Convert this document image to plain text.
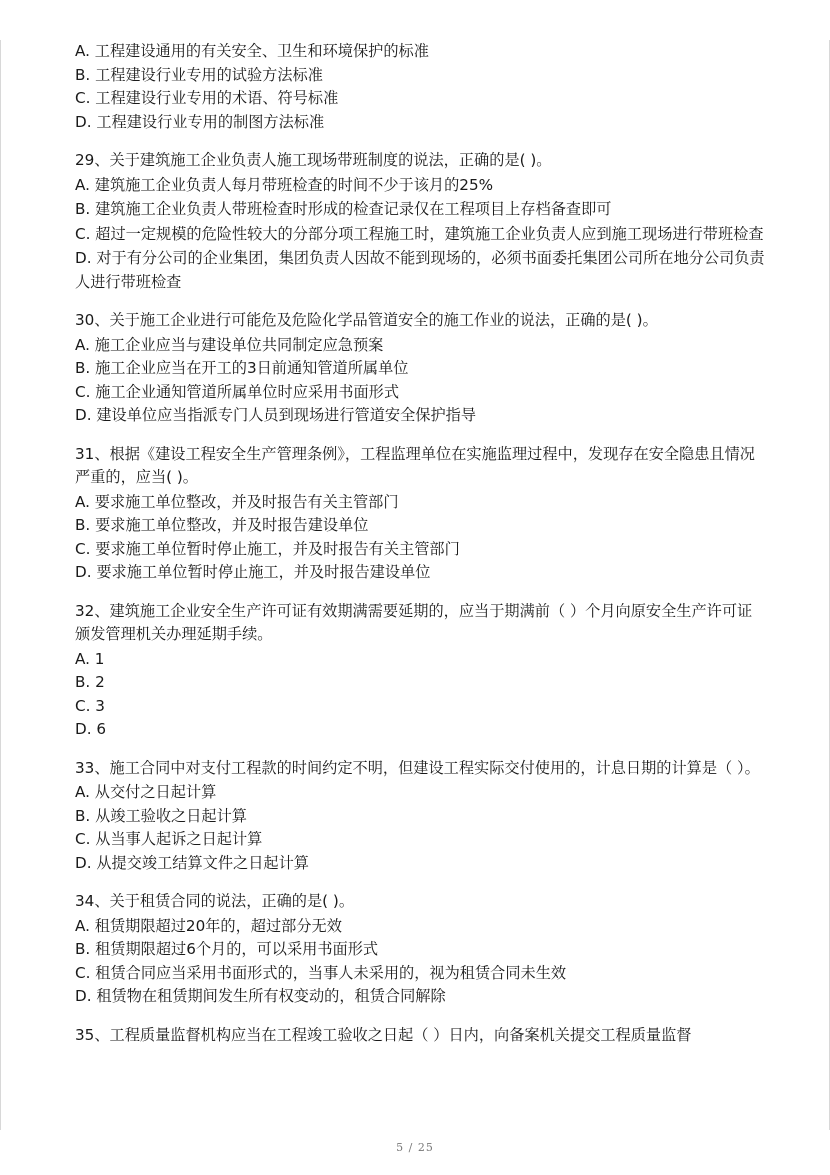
A. 工程建设通用的有关安全、卫生和环境保护的标准
B. 工程建设行业专用的试验方法标准
C. 工程建设行业专用的术语、符号标准
D. 工程建设行业专用的制图方法标准
29、关于建筑施工企业负责人施工现场带班制度的说法，正确的是( )。
A. 建筑施工企业负责人每月带班检查的时间不少于该月的25%
B. 建筑施工企业负责人带班检查时形成的检查记录仅在工程项目上存档备查即可
C. 超过一定规模的危险性较大的分部分项工程施工时，建筑施工企业负责人应到施工现场进行带班检查
D. 对于有分公司的企业集团，集团负责人因故不能到现场的，必须书面委托集团公司所在地分公司负责人进行带班检查
30、关于施工企业进行可能危及危险化学品管道安全的施工作业的说法，正确的是( )。
A. 施工企业应当与建设单位共同制定应急预案
B. 施工企业应当在开工的3日前通知管道所属单位
C. 施工企业通知管道所属单位时应采用书面形式
D. 建设单位应当指派专门人员到现场进行管道安全保护指导
31、根据《建设工程安全生产管理条例》，工程监理单位在实施监理过程中，发现存在安全隐患且情况严重的，应当( )。
A. 要求施工单位整改，并及时报告有关主管部门
B. 要求施工单位整改，并及时报告建设单位
C. 要求施工单位暂时停止施工，并及时报告有关主管部门
D. 要求施工单位暂时停止施工，并及时报告建设单位
32、建筑施工企业安全生产许可证有效期满需要延期的，应当于期满前（ ）个月向原安全生产许可证颁发管理机关办理延期手续。
A. 1
B. 2
C. 3
D. 6
33、施工合同中对支付工程款的时间约定不明，但建设工程实际交付使用的，计息日期的计算是（ ）。
A. 从交付之日起计算
B. 从竣工验收之日起计算
C. 从当事人起诉之日起计算
D. 从提交竣工结算文件之日起计算
34、关于租赁合同的说法，正确的是( )。
A. 租赁期限超过20年的，超过部分无效
B. 租赁期限超过6个月的，可以采用书面形式
C. 租赁合同应当采用书面形式的，当事人未采用的，视为租赁合同未生效
D. 租赁物在租赁期间发生所有权变动的，租赁合同解除
35、工程质量监督机构应当在工程竣工验收之日起（ ）日内，向备案机关提交工程质量监督
5 / 25
